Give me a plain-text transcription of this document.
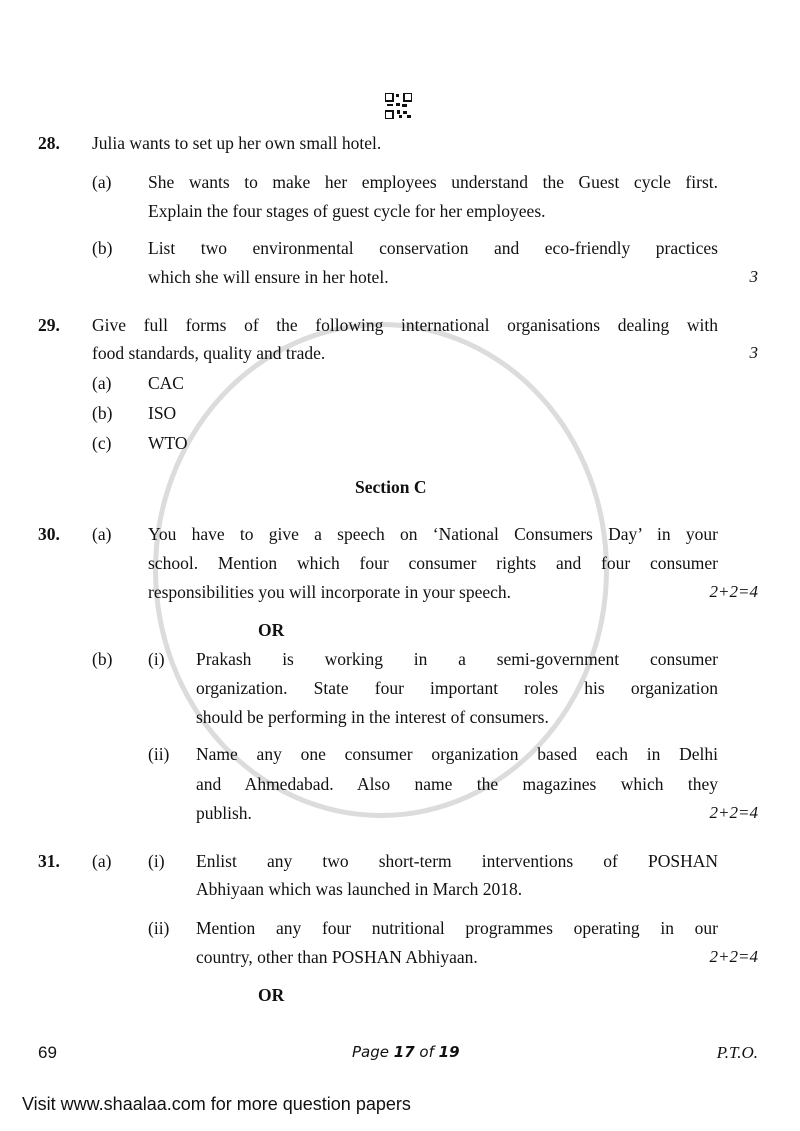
28. Julia wants to set up her own small hotel.
(a) She wants to make her employees understand the Guest cycle first.
Explain the four stages of guest cycle for her employees.
(b) List two environmental conservation and eco-friendly practices
which she will ensure in her hotel.	3
29. Give full forms of the following international organisations dealing with
food standards, quality and trade.	3
(a) CAC
(b) ISO
(c) WTO
Section C
30. (a) You have to give a speech on ‘National Consumers Day’ in your
school. Mention which four consumer rights and four consumer
responsibilities you will incorporate in your speech.	2+2=4
OR
(b) (i) Prakash is working in a semi-government consumer
organization. State four important roles his organization
should be performing in the interest of consumers.
(ii) Name any one consumer organization based each in Delhi
and Ahmedabad. Also name the magazines which they
publish.	2+2=4
31. (a) (i) Enlist any two short-term interventions of POSHAN
Abhiyaan which was launched in March 2018.
(ii) Mention any four nutritional programmes operating in our
country, other than POSHAN Abhiyaan.	2+2=4
OR
69	Page 17 of 19	P.T.O.
Visit www.shaalaa.com for more question papers
